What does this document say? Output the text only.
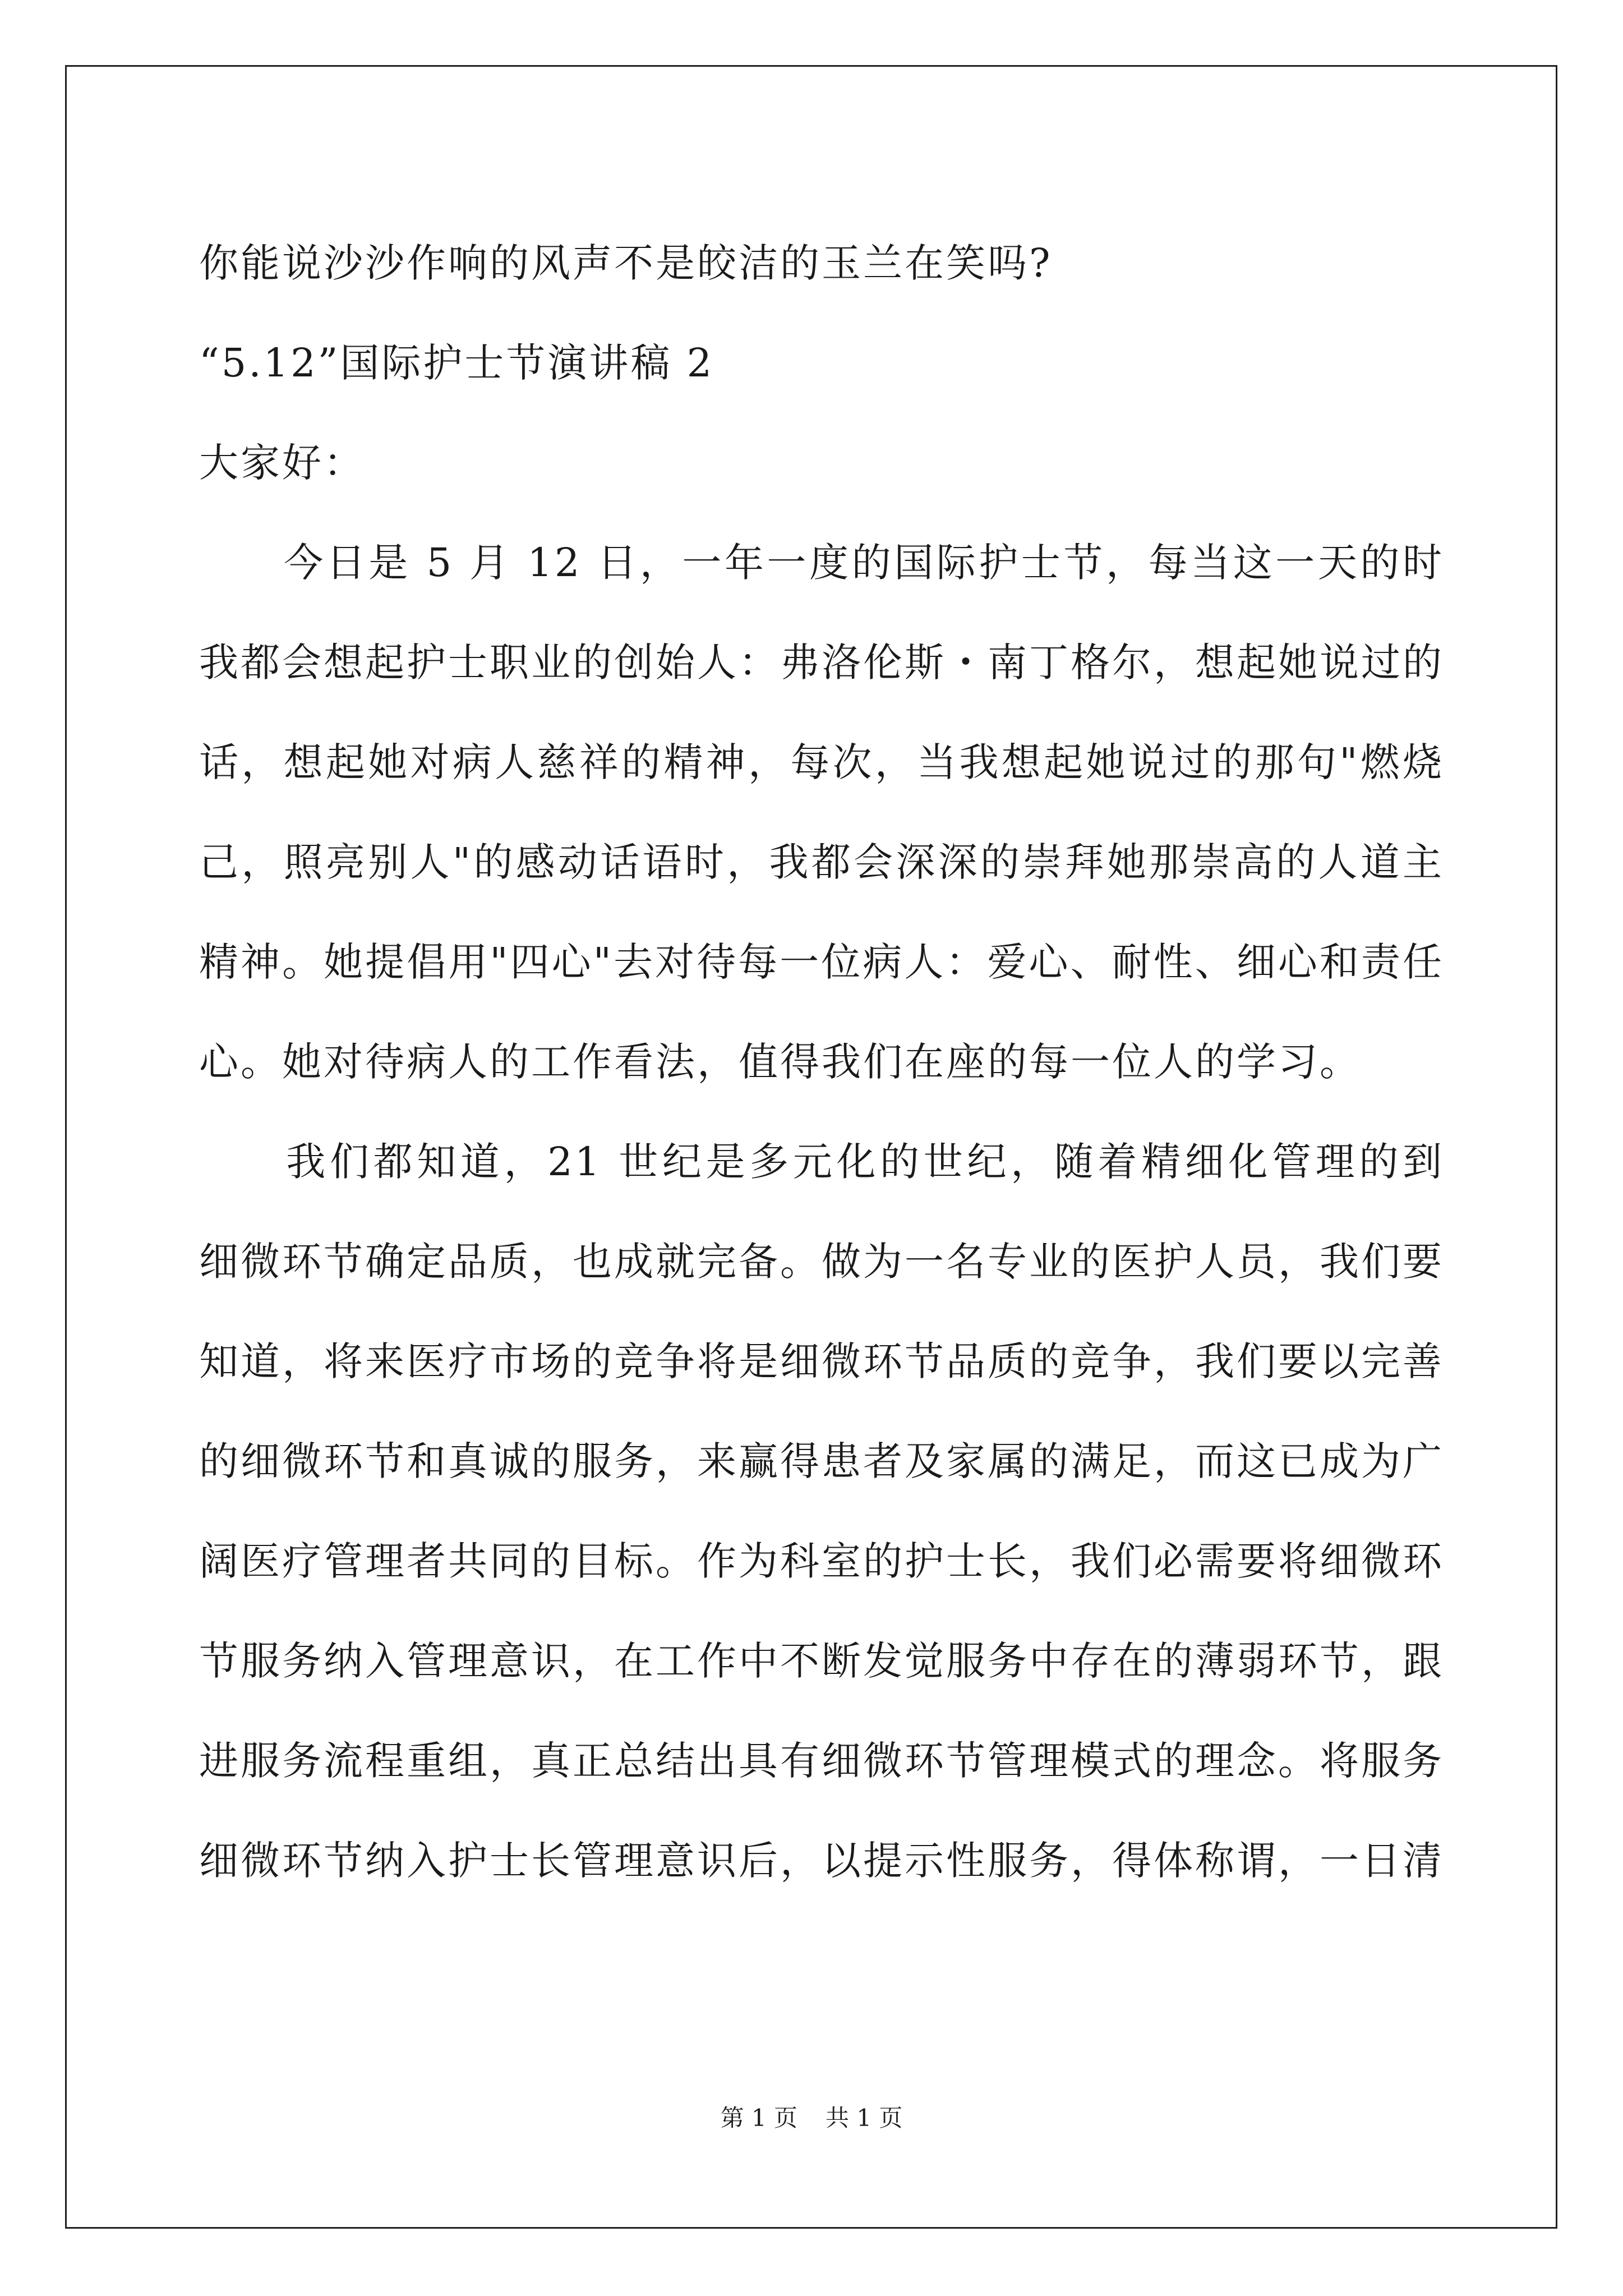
你能说沙沙作响的风声不是皎洁的玉兰在笑吗?
“5.12”国际护士节演讲稿 2
大家好：
　　今日是 5 月 12 日，一年一度的国际护士节，每当这一天的时
我都会想起护士职业的创始人：弗洛伦斯・南丁格尔，想起她说过的
话，想起她对病人慈祥的精神，每次，当我想起她说过的那句"燃烧
己，照亮别人"的感动话语时，我都会深深的崇拜她那崇高的人道主
精神。她提倡用"四心"去对待每一位病人：爱心、耐性、细心和责任
心。她对待病人的工作看法，值得我们在座的每一位人的学习。
　　我们都知道，21 世纪是多元化的世纪，随着精细化管理的到
细微环节确定品质，也成就完备。做为一名专业的医护人员，我们要
知道，将来医疗市场的竞争将是细微环节品质的竞争，我们要以完善
的细微环节和真诚的服务，来赢得患者及家属的满足，而这已成为广
阔医疗管理者共同的目标。作为科室的护士长，我们必需要将细微环
节服务纳入管理意识，在工作中不断发觉服务中存在的薄弱环节，跟
进服务流程重组，真正总结出具有细微环节管理模式的理念。将服务
细微环节纳入护士长管理意识后，以提示性服务，得体称谓，一日清
第 1 页 共 1 页
